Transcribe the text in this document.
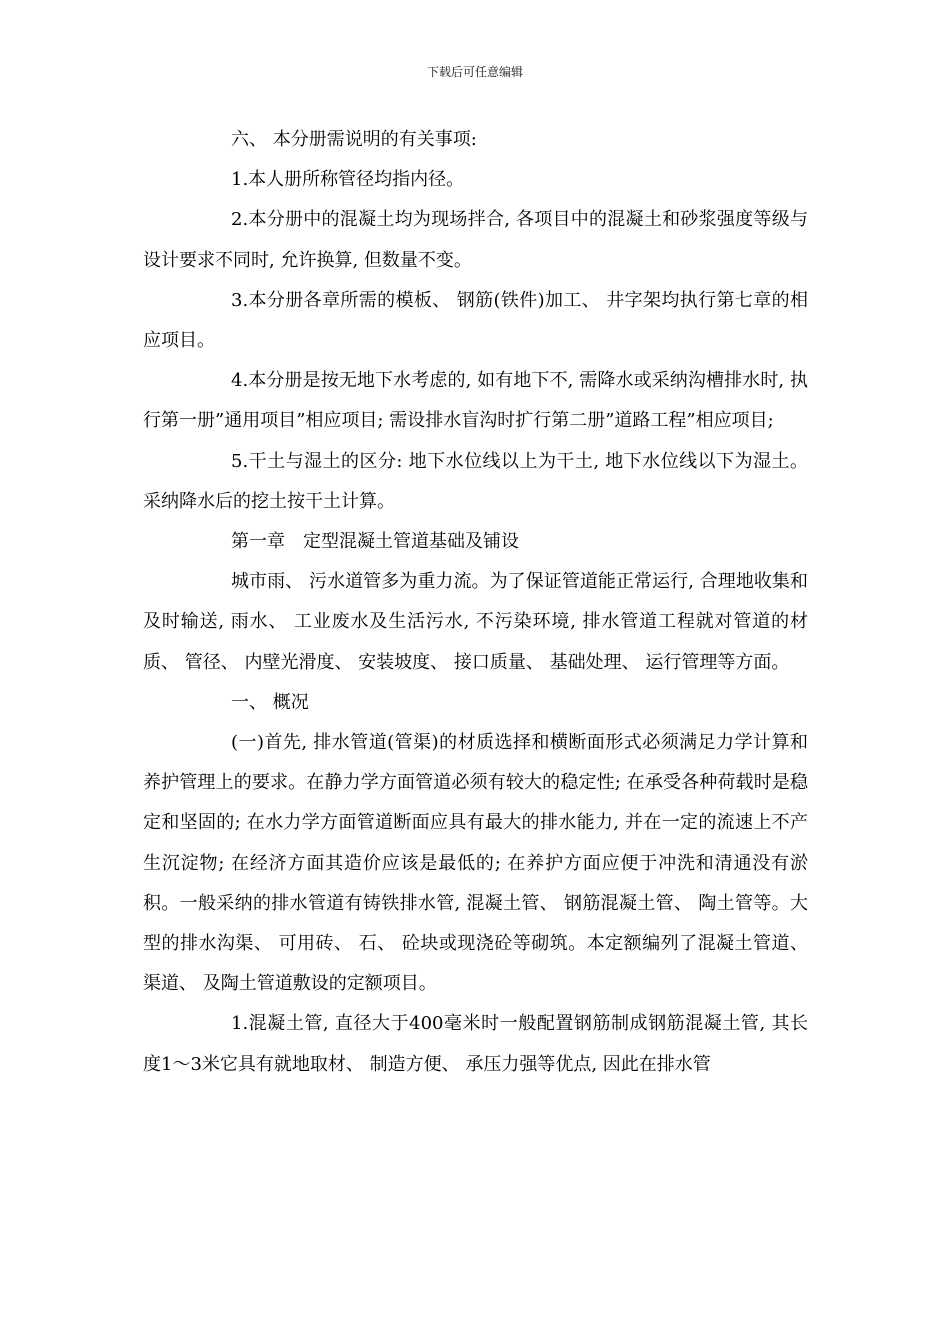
下载后可任意编辑

六、 本分册需说明的有关事项:

1.本人册所称管径均指内径。

2.本分册中的混凝土均为现场拌合, 各项目中的混凝土和砂浆强度等级与设计要求不同时, 允许换算, 但数量不变。

3.本分册各章所需的模板、 钢筋(铁件)加工、 井字架均执行第七章的相应项目。

4.本分册是按无地下水考虑的, 如有地下不, 需降水或采纳沟槽排水时, 执行第一册”通用项目”相应项目; 需设排水盲沟时扩行第二册”道路工程”相应项目;

5.干土与湿土的区分: 地下水位线以上为干土, 地下水位线以下为湿土。采纳降水后的挖土按干土计算。

第一章　定型混凝土管道基础及铺设

城市雨、 污水道管多为重力流。为了保证管道能正常运行, 合理地收集和及时输送, 雨水、 工业废水及生活污水, 不污染环境, 排水管道工程就对管道的材质、 管径、 内壁光滑度、 安装坡度、 接口质量、 基础处理、 运行管理等方面。

一、 概况

(一)首先, 排水管道(管渠)的材质选择和横断面形式必须满足力学计算和养护管理上的要求。在静力学方面管道必须有较大的稳定性; 在承受各种荷载时是稳定和坚固的; 在水力学方面管道断面应具有最大的排水能力, 并在一定的流速上不产生沉淀物; 在经济方面其造价应该是最低的; 在养护方面应便于冲洗和清通没有淤积。一般采纳的排水管道有铸铁排水管, 混凝土管、 钢筋混凝土管、 陶土管等。大型的排水沟渠、 可用砖、 石、 砼块或现浇砼等砌筑。本定额编列了混凝土管道、 渠道、 及陶土管道敷设的定额项目。

1.混凝土管, 直径大于400毫米时一般配置钢筋制成钢筋混凝土管, 其长度1～3米它具有就地取材、 制造方便、 承压力强等优点, 因此在排水管
